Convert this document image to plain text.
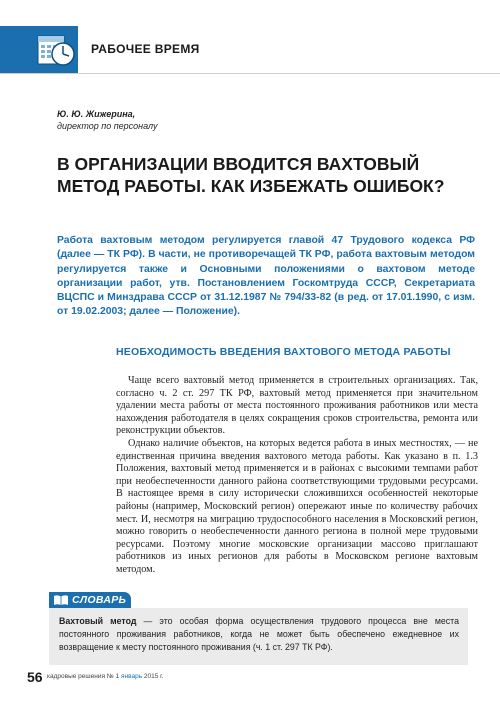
РАБОЧЕЕ ВРЕМЯ
Ю. Ю. Жижерина,
директор по персоналу
В ОРГАНИЗАЦИИ ВВОДИТСЯ ВАХТОВЫЙ МЕТОД РАБОТЫ. КАК ИЗБЕЖАТЬ ОШИБОК?
Работа вахтовым методом регулируется главой 47 Трудового кодекса РФ (далее — ТК РФ). В части, не противоречащей ТК РФ, работа вахтовым методом регулируется также и Основными положениями о вахтовом методе организации работ, утв. Постановлением Госкомтруда СССР, Секретариата ВЦСПС и Минздрава СССР от 31.12.1987 № 794/33-82 (в ред. от 17.01.1990, с изм. от 19.02.2003; далее — Положение).
НЕОБХОДИМОСТЬ ВВЕДЕНИЯ ВАХТОВОГО МЕТОДА РАБОТЫ

Чаще всего вахтовый метод применяется в строительных организациях. Так, согласно ч. 2 ст. 297 ТК РФ, вахтовый метод применяется при значительном удалении места работы от места постоянного проживания работников или места нахождения работодателя в целях сокращения сроков строительства, ремонта или реконструкции объектов.

Однако наличие объектов, на которых ведется работа в иных местностях, — не единственная причина введения вахтового метода работы. Как указано в п. 1.3 Положения, вахтовый метод применяется и в районах с высокими темпами работ при необеспеченности данного района соответствующими трудовыми ресурсами. В настоящее время в силу исторически сложившихся особенностей некоторые районы (например, Московский регион) опережают иные по количеству рабочих мест. И, несмотря на миграцию трудоспособного населения в Московский регион, можно говорить о необеспеченности данного региона в полной мере трудовыми ресурсами. Поэтому многие московские организации массово приглашают работников из иных регионов для работы в Московском регионе вахтовым методом.

СЛОВАРЬ
Вахтовый метод — это особая форма осуществления трудового процесса вне места постоянного проживания работников, когда не может быть обеспечено ежедневное их возвращение к месту постоянного проживания (ч. 1 ст. 297 ТК РФ).
56 кадровые решения № 1 январь 2015 г.
